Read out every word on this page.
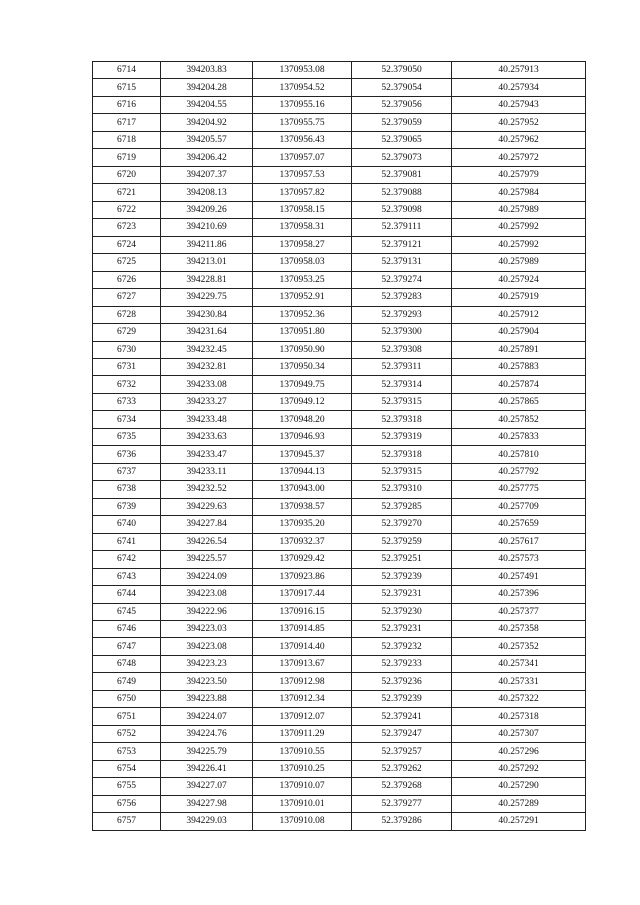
6714	394203.83	1370953.08	52.379050	40.257913
6715	394204.28	1370954.52	52.379054	40.257934
6716	394204.55	1370955.16	52.379056	40.257943
6717	394204.92	1370955.75	52.379059	40.257952
6718	394205.57	1370956.43	52.379065	40.257962
6719	394206.42	1370957.07	52.379073	40.257972
6720	394207.37	1370957.53	52.379081	40.257979
6721	394208.13	1370957.82	52.379088	40.257984
6722	394209.26	1370958.15	52.379098	40.257989
6723	394210.69	1370958.31	52.379111	40.257992
6724	394211.86	1370958.27	52.379121	40.257992
6725	394213.01	1370958.03	52.379131	40.257989
6726	394228.81	1370953.25	52.379274	40.257924
6727	394229.75	1370952.91	52.379283	40.257919
6728	394230.84	1370952.36	52.379293	40.257912
6729	394231.64	1370951.80	52.379300	40.257904
6730	394232.45	1370950.90	52.379308	40.257891
6731	394232.81	1370950.34	52.379311	40.257883
6732	394233.08	1370949.75	52.379314	40.257874
6733	394233.27	1370949.12	52.379315	40.257865
6734	394233.48	1370948.20	52.379318	40.257852
6735	394233.63	1370946.93	52.379319	40.257833
6736	394233.47	1370945.37	52.379318	40.257810
6737	394233.11	1370944.13	52.379315	40.257792
6738	394232.52	1370943.00	52.379310	40.257775
6739	394229.63	1370938.57	52.379285	40.257709
6740	394227.84	1370935.20	52.379270	40.257659
6741	394226.54	1370932.37	52.379259	40.257617
6742	394225.57	1370929.42	52.379251	40.257573
6743	394224.09	1370923.86	52.379239	40.257491
6744	394223.08	1370917.44	52.379231	40.257396
6745	394222.96	1370916.15	52.379230	40.257377
6746	394223.03	1370914.85	52.379231	40.257358
6747	394223.08	1370914.40	52.379232	40.257352
6748	394223.23	1370913.67	52.379233	40.257341
6749	394223.50	1370912.98	52.379236	40.257331
6750	394223.88	1370912.34	52.379239	40.257322
6751	394224.07	1370912.07	52.379241	40.257318
6752	394224.76	1370911.29	52.379247	40.257307
6753	394225.79	1370910.55	52.379257	40.257296
6754	394226.41	1370910.25	52.379262	40.257292
6755	394227.07	1370910.07	52.379268	40.257290
6756	394227.98	1370910.01	52.379277	40.257289
6757	394229.03	1370910.08	52.379286	40.257291
